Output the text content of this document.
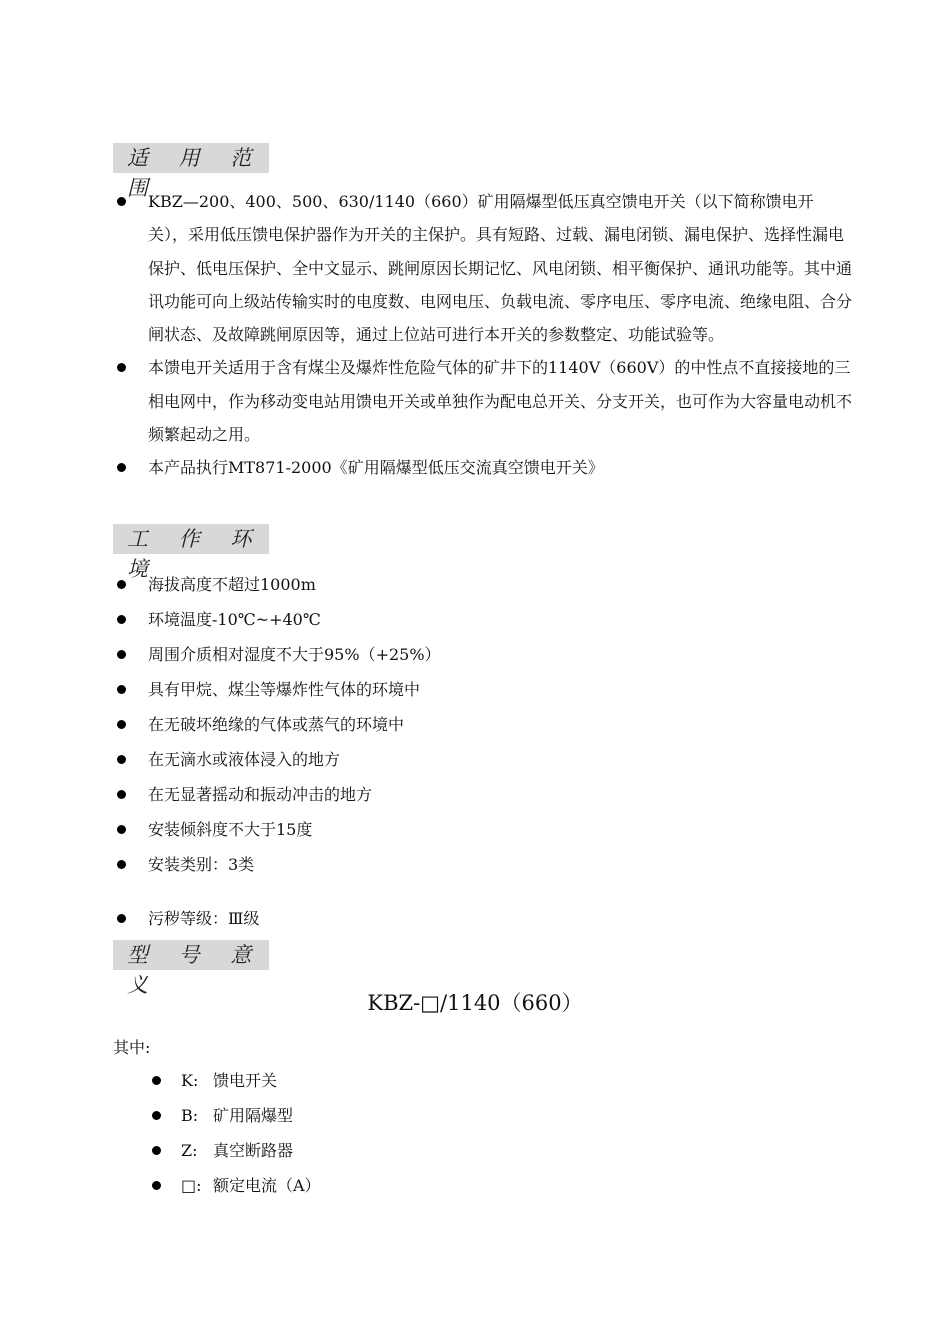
适 用 范 围
KBZ—200、400、500、630/1140（660）矿用隔爆型低压真空馈电开关（以下简称馈电开关），采用低压馈电保护器作为开关的主保护。具有短路、过载、漏电闭锁、漏电保护、选择性漏电保护、低电压保护、全中文显示、跳闸原因长期记忆、风电闭锁、相平衡保护、通讯功能等。其中通讯功能可向上级站传输实时的电度数、电网电压、负载电流、零序电压、零序电流、绝缘电阻、合分闸状态、及故障跳闸原因等，通过上位站可进行本开关的参数整定、功能试验等。
本馈电开关适用于含有煤尘及爆炸性危险气体的矿井下的1140V（660V）的中性点不直接接地的三相电网中，作为移动变电站用馈电开关或单独作为配电总开关、分支开关，也可作为大容量电动机不频繁起动之用。
本产品执行MT871-2000《矿用隔爆型低压交流真空馈电开关》
工 作 环 境
海拔高度不超过1000m
环境温度-10℃~+40℃
周围介质相对湿度不大于95%（+25%）
具有甲烷、煤尘等爆炸性气体的环境中
在无破坏绝缘的气体或蒸气的环境中
在无滴水或液体浸入的地方
在无显著摇动和振动冲击的地方
安装倾斜度不大于15度
安装类别：3类
污秽等级：Ⅲ级
型 号 意 义
KBZ-□/1140（660）
其中:
K: 馈电开关
B: 矿用隔爆型
Z: 真空断路器
□: 额定电流（A）
